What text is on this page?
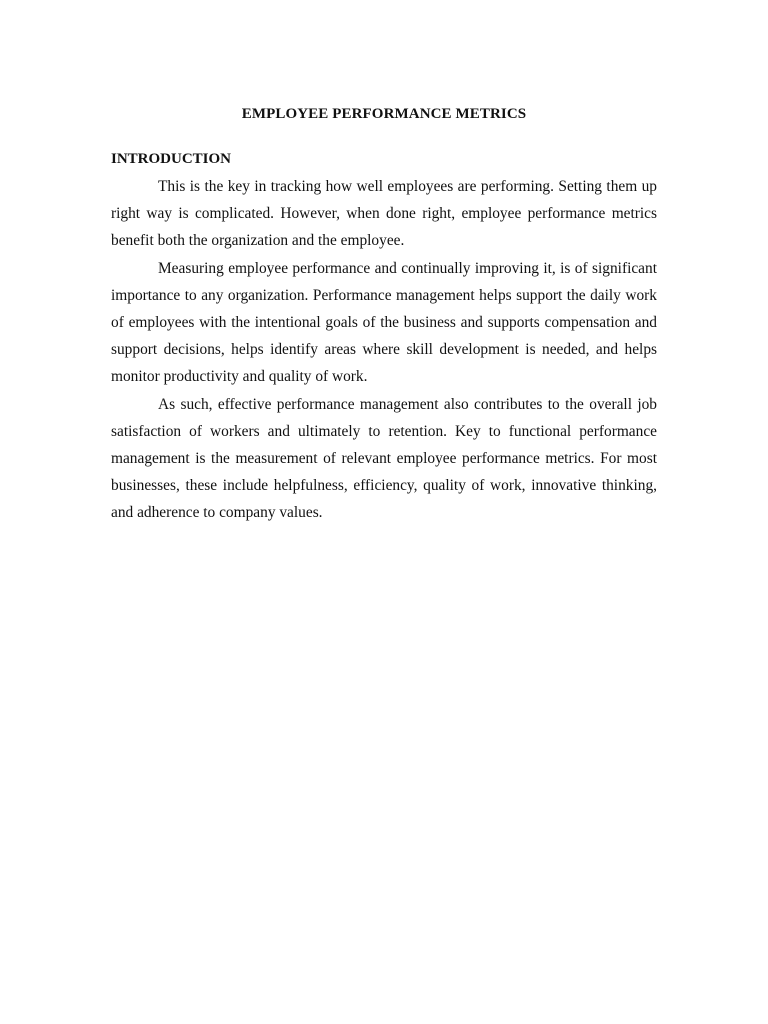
EMPLOYEE PERFORMANCE METRICS
INTRODUCTION

This is the key in tracking how well employees are performing. Setting them up right way is complicated. However, when done right, employee performance metrics benefit both the organization and the employee.

Measuring employee performance and continually improving it, is of significant importance to any organization. Performance management helps support the daily work of employees with the intentional goals of the business and supports compensation and support decisions, helps identify areas where skill development is needed, and helps monitor productivity and quality of work.

As such, effective performance management also contributes to the overall job satisfaction of workers and ultimately to retention. Key to functional performance management is the measurement of relevant employee performance metrics. For most businesses, these include helpfulness, efficiency, quality of work, innovative thinking, and adherence to company values.
